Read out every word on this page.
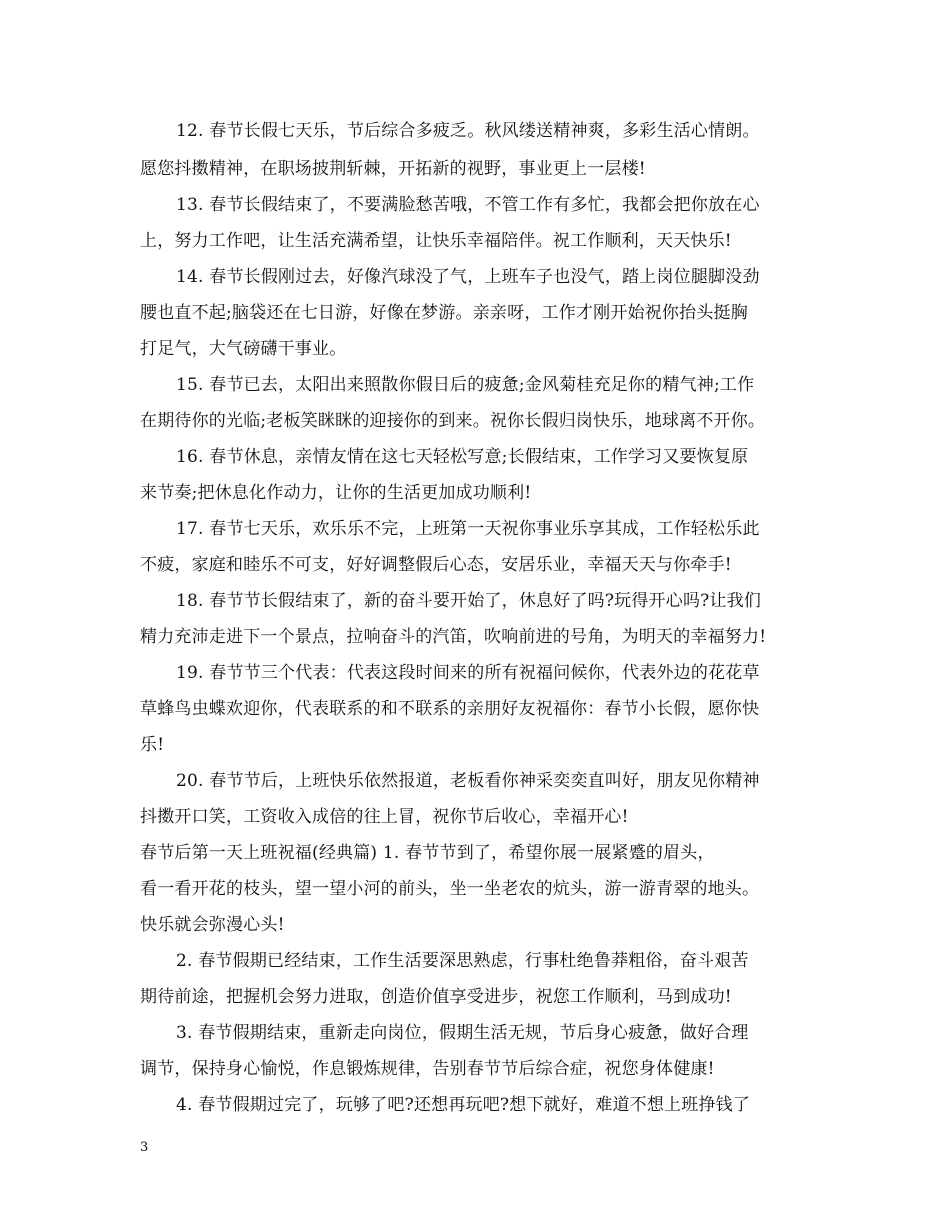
12. 春节长假七天乐，节后综合多疲乏。秋风缕送精神爽，多彩生活心情朗。
愿您抖擞精神，在职场披荆斩棘，开拓新的视野，事业更上一层楼!
13. 春节长假结束了，不要满脸愁苦哦，不管工作有多忙，我都会把你放在心
上，努力工作吧，让生活充满希望，让快乐幸福陪伴。祝工作顺利，天天快乐!
14. 春节长假刚过去，好像汽球没了气，上班车子也没气，踏上岗位腿脚没劲
腰也直不起;脑袋还在七日游，好像在梦游。亲亲呀，工作才刚开始祝你抬头挺胸
打足气，大气磅礴干事业。
15. 春节已去，太阳出来照散你假日后的疲惫;金风菊桂充足你的精气神;工作
在期待你的光临;老板笑眯眯的迎接你的到来。祝你长假归岗快乐，地球离不开你。
16. 春节休息，亲情友情在这七天轻松写意;长假结束，工作学习又要恢复原
来节奏;把休息化作动力，让你的生活更加成功顺利!
17. 春节七天乐，欢乐乐不完，上班第一天祝你事业乐享其成，工作轻松乐此
不疲，家庭和睦乐不可支，好好调整假后心态，安居乐业，幸福天天与你牵手!
18. 春节节长假结束了，新的奋斗要开始了，休息好了吗?玩得开心吗?让我们
精力充沛走进下一个景点，拉响奋斗的汽笛，吹响前进的号角，为明天的幸福努力!
19. 春节节三个代表：代表这段时间来的所有祝福问候你，代表外边的花花草
草蜂鸟虫蝶欢迎你，代表联系的和不联系的亲朋好友祝福你：春节小长假，愿你快
乐!
20. 春节节后，上班快乐依然报道，老板看你神采奕奕直叫好，朋友见你精神
抖擞开口笑，工资收入成倍的往上冒，祝你节后收心，幸福开心!
春节后第一天上班祝福(经典篇) 1. 春节节到了，希望你展一展紧蹙的眉头，
看一看开花的枝头，望一望小河的前头，坐一坐老农的炕头，游一游青翠的地头。
快乐就会弥漫心头!
2. 春节假期已经结束，工作生活要深思熟虑，行事杜绝鲁莽粗俗，奋斗艰苦
期待前途，把握机会努力进取，创造价值享受进步，祝您工作顺利，马到成功!
3. 春节假期结束，重新走向岗位，假期生活无规，节后身心疲惫，做好合理
调节，保持身心愉悦，作息锻炼规律，告别春节节后综合症，祝您身体健康!
4. 春节假期过完了，玩够了吧?还想再玩吧?想下就好，难道不想上班挣钱了
3
